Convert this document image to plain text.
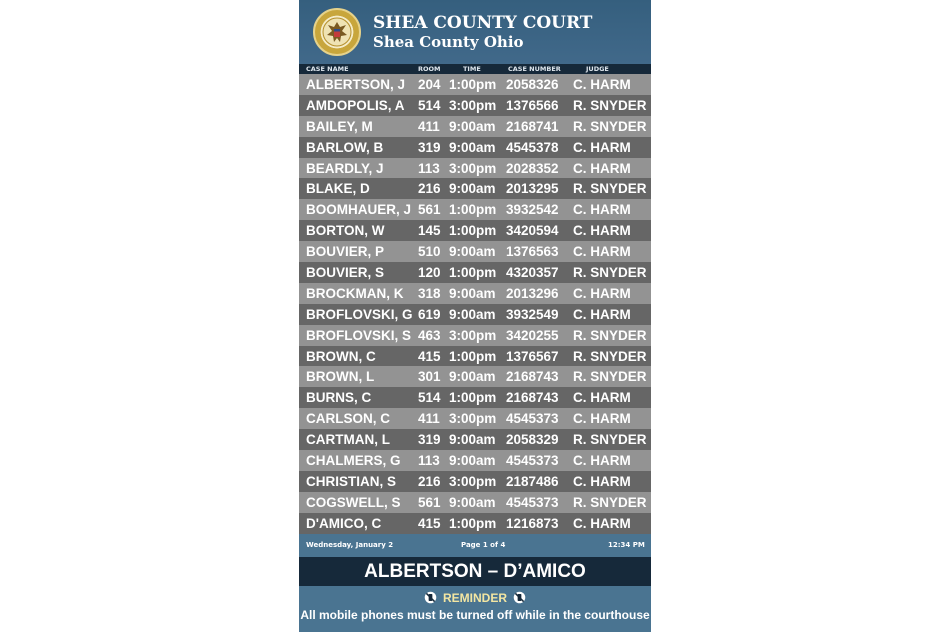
SHEA COUNTY COURT
Shea County Ohio
CASE NAME	ROOM	TIME	CASE NUMBER	JUDGE
ALBERTSON, J 204 1:00pm 2058326 C. HARM
AMDOPOLIS, A 514 3:00pm 1376566 R. SNYDER
BAILEY, M	411 9:00am 2168741 R. SNYDER
BARLOW, B	319 9:00am 4545378 C. HARM
BEARDLY, J	113 3:00pm 2028352 C. HARM
BLAKE, D	216 9:00am 2013295 R. SNYDER
BOOMHAUER, J 561 1:00pm 3932542 C. HARM
BORTON, W 145 1:00pm 3420594 C. HARM
BOUVIER, P	510 9:00am 1376563 C. HARM
BOUVIER, S	120 1:00pm 4320357 R. SNYDER
BROCKMAN, K 318 9:00am 2013296 C. HARM
BROFLOVSKI, G 619 9:00am 3932549 C. HARM
BROFLOVSKI, S 463 3:00pm 3420255 R. SNYDER
BROWN, C	415 1:00pm 1376567 R. SNYDER
BROWN, L	301 9:00am 2168743 R. SNYDER
BURNS, C	514 1:00pm 2168743 C. HARM
CARLSON, C 411 3:00pm 4545373 C. HARM
CARTMAN, L 319 9:00am 2058329 R. SNYDER
CHALMERS, G 113 9:00am 4545373 C. HARM
CHRISTIAN, S 216 3:00pm 2187486 C. HARM
COGSWELL, S 561 9:00am 4545373 R. SNYDER
D'AMICO, C	415 1:00pm 1216873 C. HARM
Wednesday, January 2	Page 1 of 4	12:34 PM
ALBERTSON – D’AMICO
REMINDER
All mobile phones must be turned off while in the courthouse
